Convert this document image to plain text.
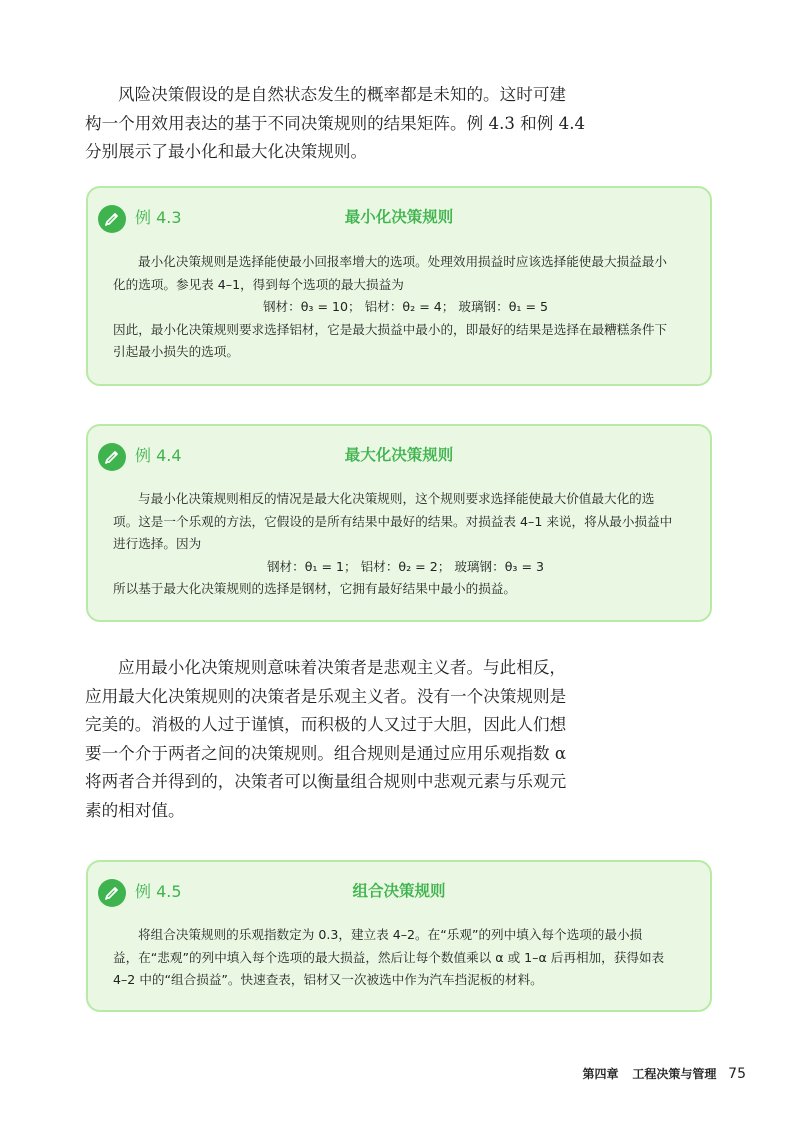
风险决策假设的是自然状态发生的概率都是未知的。这时可建
构一个用效用表达的基于不同决策规则的结果矩阵。例 4.3 和例 4.4
分别展示了最小化和最大化决策规则。
例 4.3	最小化决策规则
最小化决策规则是选择能使最小回报率增大的选项。处理效用损益时应该选择能使最大损益最小
化的选项。参见表 4–1，得到每个选项的最大损益为
钢材：θ₃ = 10； 铝材：θ₂ = 4； 玻璃钢：θ₁ = 5
因此，最小化决策规则要求选择铝材，它是最大损益中最小的，即最好的结果是选择在最糟糕条件下
引起最小损失的选项。
例 4.4	最大化决策规则
与最小化决策规则相反的情况是最大化决策规则，这个规则要求选择能使最大价值最大化的选
项。这是一个乐观的方法，它假设的是所有结果中最好的结果。对损益表 4–1 来说，将从最小损益中
进行选择。因为
钢材：θ₁ = 1； 铝材：θ₂ = 2； 玻璃钢：θ₃ = 3
所以基于最大化决策规则的选择是钢材，它拥有最好结果中最小的损益。
应用最小化决策规则意味着决策者是悲观主义者。与此相反，
应用最大化决策规则的决策者是乐观主义者。没有一个决策规则是
完美的。消极的人过于谨慎，而积极的人又过于大胆，因此人们想
要一个介于两者之间的决策规则。组合规则是通过应用乐观指数 α
将两者合并得到的，决策者可以衡量组合规则中悲观元素与乐观元
素的相对值。
例 4.5	组合决策规则
将组合决策规则的乐观指数定为 0.3，建立表 4–2。在“乐观”的列中填入每个选项的最小损
益，在“悲观”的列中填入每个选项的最大损益，然后让每个数值乘以 α 或 1–α 后再相加，获得如表
4–2 中的“组合损益”。快速查表，铝材又一次被选中作为汽车挡泥板的材料。
第四章 工程决策与管理 75
